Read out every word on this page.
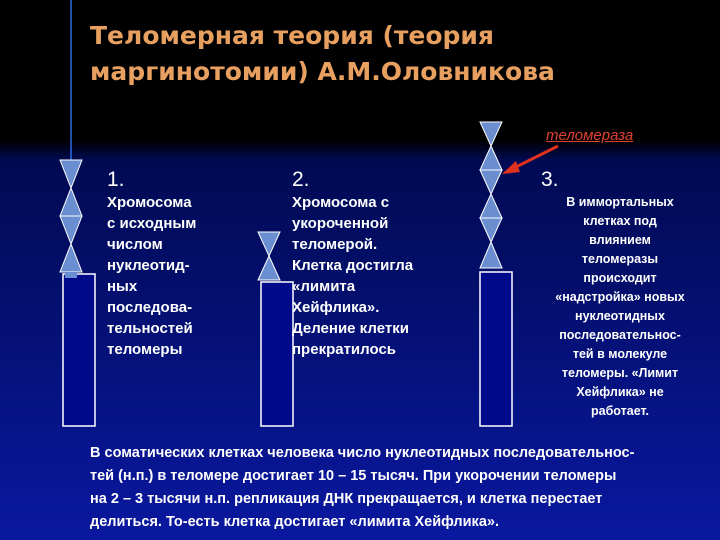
Теломерная теория (теория маргинотомии) А.М.Оловникова
теломераза
1.
Хромосома
с исходным
числом
нуклеотид-
ных
последова-
тельностей
теломеры
2.
Хромосома с
укороченной
теломерой.
Клетка достигла
«лимита
Хейфлика».
Деление клетки
прекратилось
3.
В иммортальных
клетках под
влиянием
теломеразы
происходит
«надстройка» новых
нуклеотидных
последовательнос-
тей в молекуле
теломеры. «Лимит
Хейфлика» не
работает.
В соматических клетках человека число нуклеотидных последовательнос-
тей (н.п.) в теломере достигает 10 – 15 тысяч. При укорочении теломеры
на 2 – 3 тысячи н.п. репликация ДНК прекращается, и клетка перестает
делиться. То-есть клетка достигает «лимита Хейфлика».
